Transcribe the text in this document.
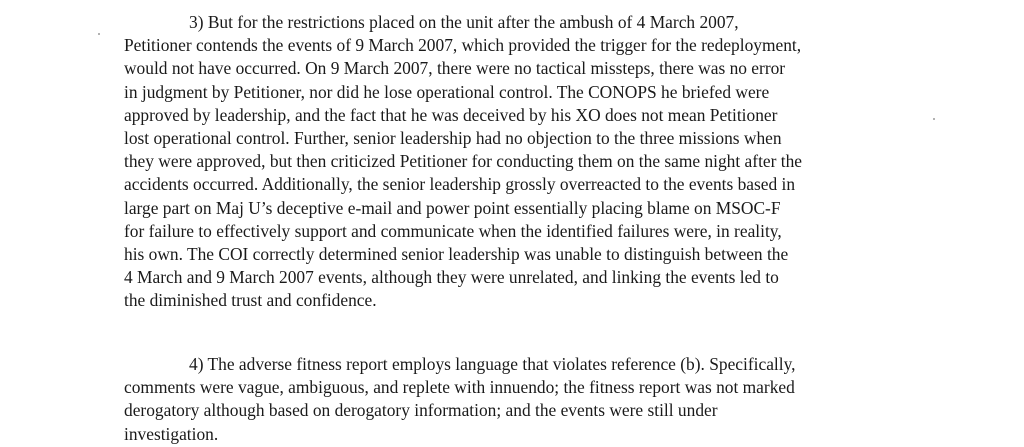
3) But for the restrictions placed on the unit after the ambush of 4 March 2007,
Petitioner contends the events of 9 March 2007, which provided the trigger for the redeployment,
would not have occurred. On 9 March 2007, there were no tactical missteps, there was no error
in judgment by Petitioner, nor did he lose operational control. The CONOPS he briefed were
approved by leadership, and the fact that he was deceived by his XO does not mean Petitioner
lost operational control. Further, senior leadership had no objection to the three missions when
they were approved, but then criticized Petitioner for conducting them on the same night after the
accidents occurred. Additionally, the senior leadership grossly overreacted to the events based in
large part on Maj U’s deceptive e-mail and power point essentially placing blame on MSOC-F
for failure to effectively support and communicate when the identified failures were, in reality,
his own. The COI correctly determined senior leadership was unable to distinguish between the
4 March and 9 March 2007 events, although they were unrelated, and linking the events led to
the diminished trust and confidence.
4) The adverse fitness report employs language that violates reference (b). Specifically,
comments were vague, ambiguous, and replete with innuendo; the fitness report was not marked
derogatory although based on derogatory information; and the events were still under
investigation.
